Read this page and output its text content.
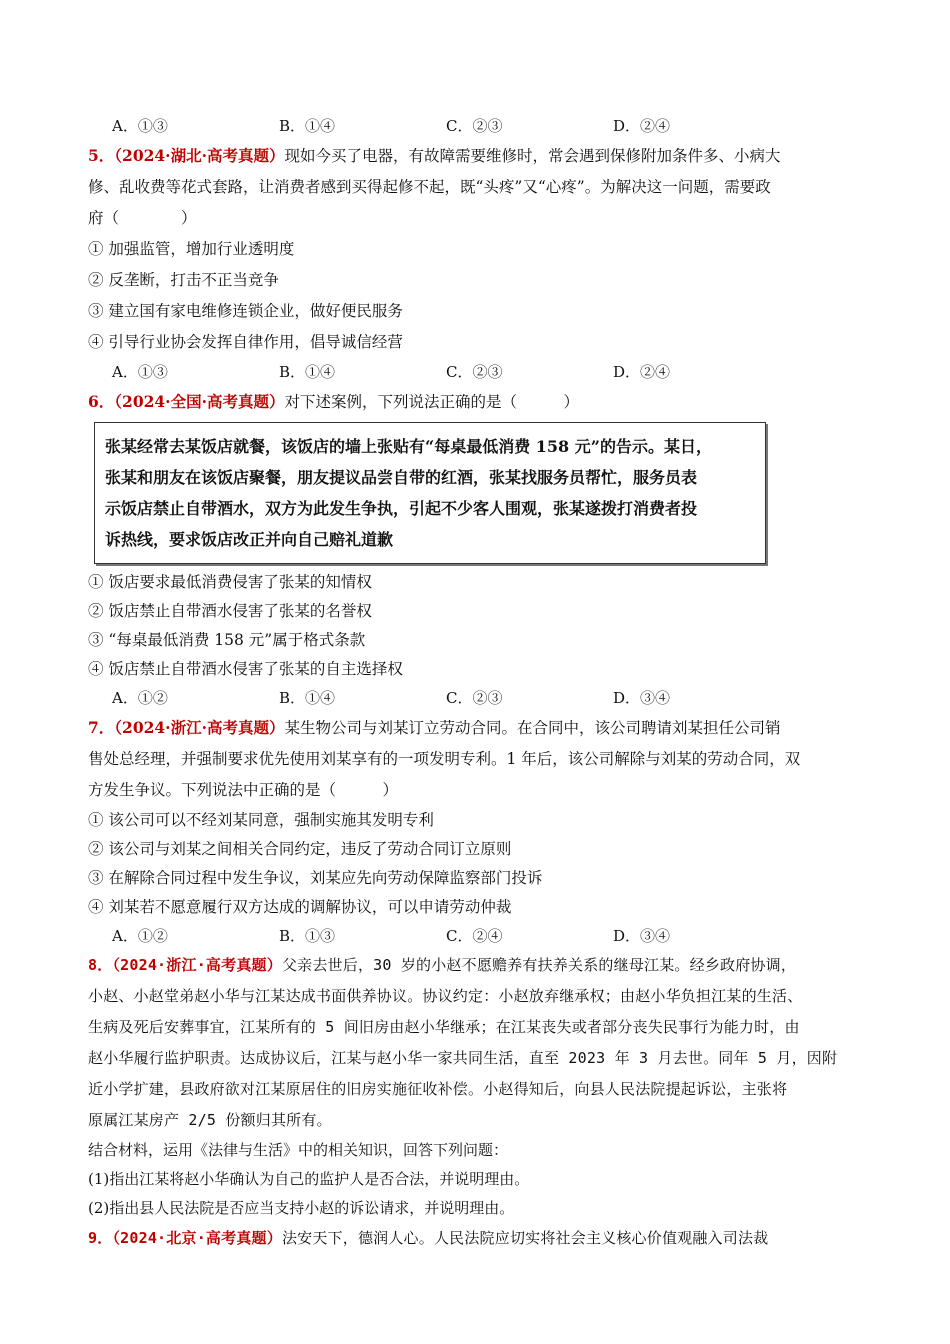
A．①③	B．①④	C．②③	D．②④
5．（2024·湖北·高考真题）现如今买了电器，有故障需要维修时，常会遇到保修附加条件多、小病大
修、乱收费等花式套路，让消费者感到买得起修不起，既“头疼”又“心疼”。为解决这一问题，需要政
府（　　　　）
① 加强监管，增加行业透明度
② 反垄断，打击不正当竞争
③ 建立国有家电维修连锁企业，做好便民服务
④ 引导行业协会发挥自律作用，倡导诚信经营
A．①③	B．①④	C．②③	D．②④
6．（2024·全国·高考真题）对下述案例，下列说法正确的是（　　　）
张某经常去某饭店就餐，该饭店的墙上张贴有“每桌最低消费 158 元”的告示。某日，
张某和朋友在该饭店聚餐，朋友提议品尝自带的红酒，张某找服务员帮忙，服务员表
示饭店禁止自带酒水，双方为此发生争执，引起不少客人围观，张某遂拨打消费者投
诉热线，要求饭店改正并向自己赔礼道歉
① 饭店要求最低消费侵害了张某的知情权
② 饭店禁止自带酒水侵害了张某的名誉权
③ “每桌最低消费 158 元”属于格式条款
④ 饭店禁止自带酒水侵害了张某的自主选择权
A．①②	B．①④	C．②③	D．③④
7．（2024·浙江·高考真题）某生物公司与刘某订立劳动合同。在合同中，该公司聘请刘某担任公司销
售处总经理，并强制要求优先使用刘某享有的一项发明专利。1 年后，该公司解除与刘某的劳动合同，双
方发生争议。下列说法中正确的是（　　　）
① 该公司可以不经刘某同意，强制实施其发明专利
② 该公司与刘某之间相关合同约定，违反了劳动合同订立原则
③ 在解除合同过程中发生争议，刘某应先向劳动保障监察部门投诉
④ 刘某若不愿意履行双方达成的调解协议，可以申请劳动仲裁
A．①②	B．①③	C．②④	D．③④
8．（2024·浙江·高考真题）父亲去世后，30 岁的小赵不愿赡养有扶养关系的继母江某。经乡政府协调，
小赵、小赵堂弟赵小华与江某达成书面供养协议。协议约定：小赵放弃继承权；由赵小华负担江某的生活、
生病及死后安葬事宜，江某所有的 5 间旧房由赵小华继承；在江某丧失或者部分丧失民事行为能力时，由
赵小华履行监护职责。达成协议后，江某与赵小华一家共同生活，直至 2023 年 3 月去世。同年 5 月，因附
近小学扩建，县政府欲对江某原居住的旧房实施征收补偿。小赵得知后，向县人民法院提起诉讼，主张将
原属江某房产 2/5 份额归其所有。
结合材料，运用《法律与生活》中的相关知识，回答下列问题：
(1)指出江某将赵小华确认为自己的监护人是否合法，并说明理由。
(2)指出县人民法院是否应当支持小赵的诉讼请求，并说明理由。
9．（2024·北京·高考真题）法安天下，德润人心。人民法院应切实将社会主义核心价值观融入司法裁
